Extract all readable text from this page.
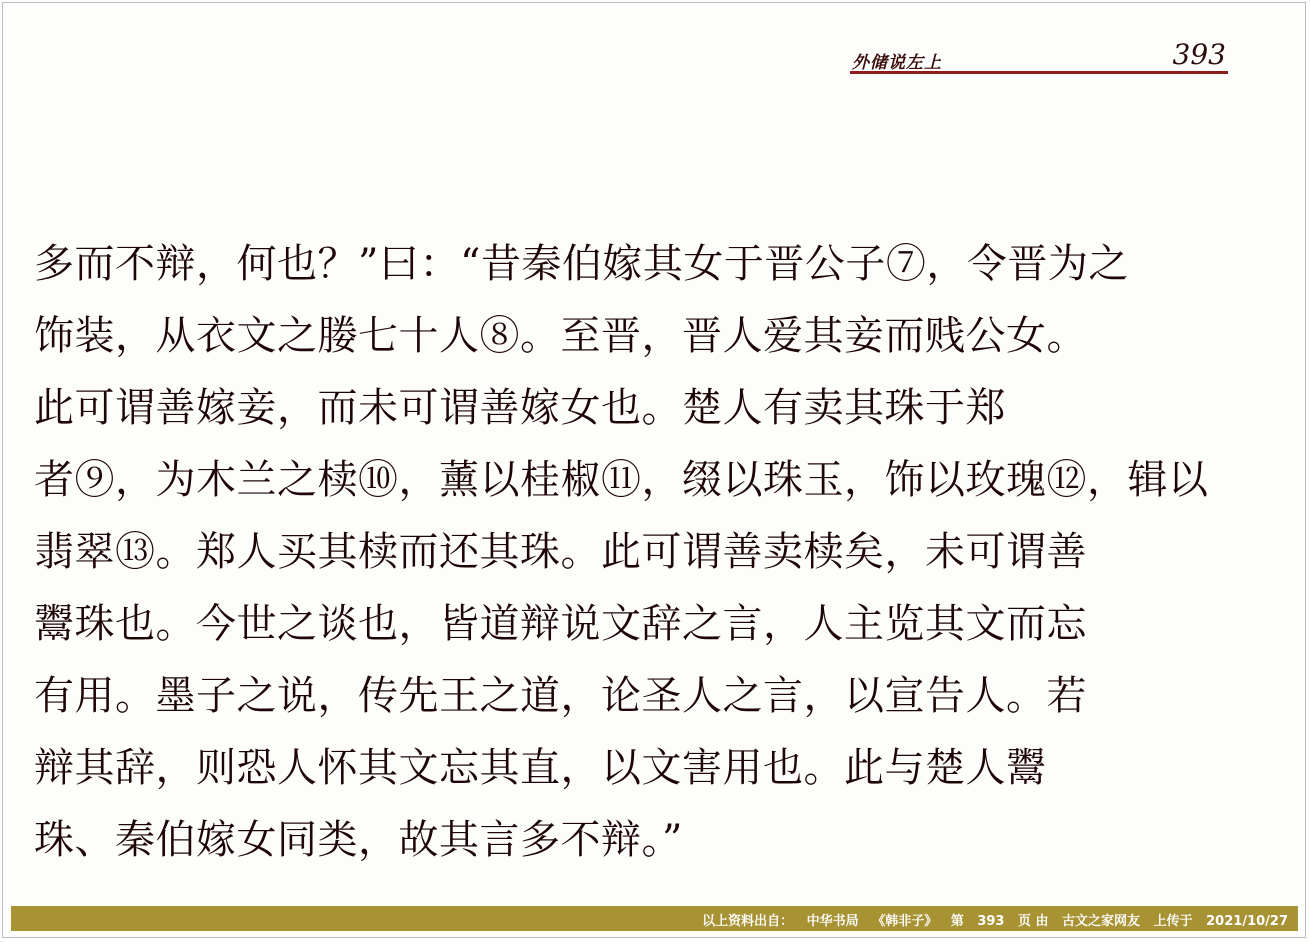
外储说左上	393
多而不辩，何也？”曰：“昔秦伯嫁其女于晋公子⑦，令晋为之
饰装，从衣文之媵七十人⑧。至晋，晋人爱其妾而贱公女。
此可谓善嫁妾，而未可谓善嫁女也。楚人有卖其珠于郑
者⑨，为木兰之椟⑩，薰以桂椒⑪，缀以珠玉，饰以玫瑰⑫，辑以
翡翠⑬。郑人买其椟而还其珠。此可谓善卖椟矣，未可谓善
鬻珠也。今世之谈也，皆道辩说文辞之言，人主览其文而忘
有用。墨子之说，传先王之道，论圣人之言，以宣告人。若
辩其辞，则恐人怀其文忘其直，以文害用也。此与楚人鬻
珠、秦伯嫁女同类，故其言多不辩。”
以上资料出自： 中华书局 《韩非子》 第 393 页 由 古文之家网友 上传于 2021/10/27
